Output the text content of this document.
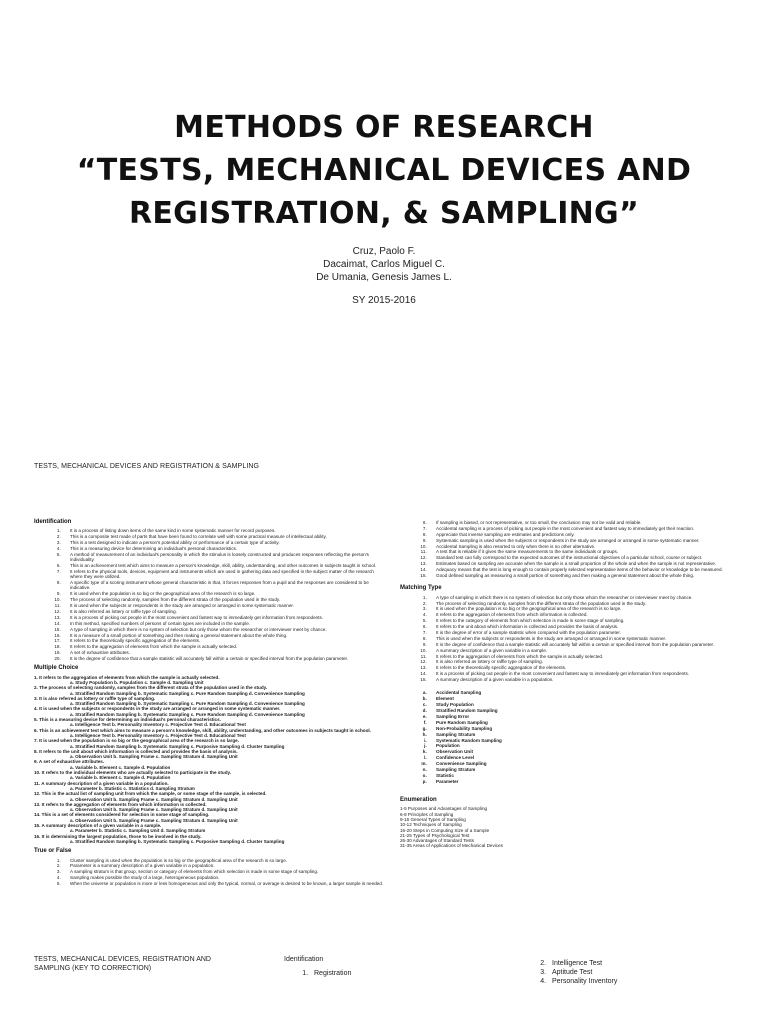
METHODS OF RESEARCH
“TESTS, MECHANICAL DEVICES AND
REGISTRATION, & SAMPLING”
Cruz, Paolo F.
Dacaimat, Carlos Miguel C.
De Umania, Genesis James L.
SY 2015-2016
TESTS, MECHANICAL DEVICES AND REGISTRATION & SAMPLING
Identification
1. It is a process of listing down items of the same kind in some systematic manner for record purposes.
2. This is a composite test made of parts that have been found to correlate well with some practical measure of intellectual ability.
3. This is a test designed to indicate a person's potential ability or performance of a certain type of activity.
4. This is a measuring device for determining an individual's personal characteristics.
5. A method of measurement of an individual's personality in which the stimulus is loosely constructed and produces responses reflecting the person's individuality.
6. This is an achievement test which aims to measure a person's knowledge, skill, ability, understanding, and other outcomes in subjects taught in school.
7. It refers to the physical tools, devices, equipment and instruments which are used in gathering data and specified in the subject matter of the research where they were utilized.
8. A specific type of a scoring instrument whose general characteristic is that, it forces responses from a pupil and the responses are considered to be indicative.
9. It is used when the population is so big or the geographical area of the research is so large.
10. The process of selecting randomly, samples from the different strata of the population used in the study.
11. It is used when the subjects or respondents in the study are arranged or arranged in some systematic manner.
12. It is also referred as lottery or raffle type of sampling.
13. It is a process of picking out people in the most convenient and fastest way to immediately get information from respondents.
14. In this method, specified numbers of persons of certain types are included in the sample.
15. A type of sampling in which there is no system of selection but only those whom the researcher or interviewer meet by chance.
16. It is a measure of a small portion of something and then making a general statement about the whole thing.
17. It refers to the theoretically specific aggregation of the elements.
18. It refers to the aggregation of elements from which the sample is actually selected.
19. A set of exhaustive attributes.
20. It is the degree of confidence that a sample statistic will accurately fall within a certain or specified interval from the population parameter.
Multiple Choice
1. It refers to the aggregation of elements from which the sample is actually selected.
a. Study Population b. Population c. Sample d. Sampling Unit
2. The process of selecting randomly, samples from the different strata of the population used in the study.
a. Stratified Random Sampling b. Systematic Sampling c. Pure Random Sampling d. Convenience Sampling
3. It is also referred as lottery or raffle type of sampling.
a. Stratified Random Sampling b. Systematic Sampling c. Pure Random Sampling d. Convenience Sampling
4. It is used when the subjects or respondents in the study are arranged or arranged in some systematic manner.
a. Stratified Random Sampling b. Systematic Sampling c. Pure Random Sampling d. Convenience Sampling
5. This is a measuring device for determining an individual's personal characteristics.
a. Intelligence Test b. Personality Inventory c. Projective Test d. Educational Test
6. This is an achievement test which aims to measure a person's knowledge, skill, ability, understanding, and other outcomes in subjects taught in school.
a. Intelligence Test b. Personality Inventory c. Projective Test d. Educational Test
7. It is used when the population is so big or the geographical area of the research is so large.
a. Stratified Random Sampling b. Systematic Sampling c. Purposive Sampling d. Cluster Sampling
8. It refers to the unit about which information is collected and provides the basis of analysis.
a. Observation Unit b. Sampling Frame c. Sampling Stratum d. Sampling Unit
9. A set of exhaustive attributes.
a. Variable b. Element c. Sample d. Population
10. It refers to the individual elements who are actually selected to participate in the study.
a. Variable b. Element c. Sample d. Population
11. A summary description of a given variable in a population.
a. Parameter b. Statistic c. Statistics d. Sampling Stratum
12. This is the actual list of sampling unit from which the sample, or some stage of the sample, is selected.
a. Observation Unit b. Sampling Frame c. Sampling Stratum d. Sampling Unit
13. It refers to the aggregation of elements from which information is collected.
a. Observation Unit b. Sampling Frame c. Sampling Stratum d. Sampling Unit
14. This is a set of elements considered for selection in some stage of sampling.
a. Observation Unit b. Sampling Frame c. Sampling Stratum d. Sampling Unit
15. A summary description of a given variable in a sample.
a. Parameter b. Statistic c. Sampling Unit d. Sampling Stratum
16. It is determining the largest population, those to be involved in the study.
a. Stratified Random Sampling b. Systematic Sampling c. Purposive Sampling d. Cluster Sampling
True or False
1. Cluster sampling is used when the population is so big or the geographical area of the research is so large.
2. Parameter is a summary description of a given variable in a population.
3. A sampling stratum is that group, section or category of elements from which selection is made in some stage of sampling.
4. Sampling makes possible the study of a large, heterogeneous population.
5. When the universe or population is more or less homogeneous and only the typical, normal, or average is desired to be known, a larger sample is needed.
6. If sampling is biased, or not representative, or too small, the conclusion may not be valid and reliable.
7. Accidental sampling is a process of picking out people in the most convenient and fastest way to immediately get their reaction.
8. Appreciate that inverse sampling are estimates and predictions only.
9. Systematic sampling is used when the subjects or respondents in the study are arranged or arranged in some systematic manner.
10. Accidental Sampling is also resorted to only when there is no other alternative.
11. A test that is reliable if it gives the same measurements to the same individuals or groups.
12. Standard test can fully correspond to the expected outcomes of the instructional objectives of a particular school, course or subject.
13. Estimates based on sampling are accurate when the sample is a small proportion of the whole and when the sample is not representative.
14. Adequacy means that the test is long enough to contain properly selected representative items of the behavior or knowledge to be measured.
15. Good defined sampling as measuring a small portion of something and then making a general statement about the whole thing.
Matching Type
1. A type of sampling in which there is no system of selection but only those whom the researcher or interviewer meet by chance.
2. The process of selecting randomly, samples from the different strata of the population used in the study.
3. It is used when the population is so big or the geographical area of the research is so large.
4. It refers to the aggregation of elements from which information is collected.
5. It refers to the category of elements from which selection is made in some stage of sampling.
6. It refers to the unit about which information is collected and provides the basis of analysis.
7. It is the degree of error of a sample statistic when compared with the population parameter.
8. This is used when the subjects or respondents in the study are arranged or arranged in some systematic manner.
9. It is the degree of confidence that a sample statistic will accurately fall within a certain or specified interval from the population parameter.
10. A summary description of a given variable in a sample.
11. It refers to the aggregation of elements from which the sample is actually selected.
12. It is also referred as lottery or raffle type of sampling.
13. It refers to the theoretically specific aggregation of the elements.
14. It is a process of picking out people in the most convenient and fastest way to immediately get information from respondents.
15. A summary description of a given variable in a population.
a. Accidental Sampling
b. Element
c. Study Population
d. Stratified Random Sampling
e. Sampling Error
f. Pure Random Sampling
g. Non-Probability Sampling
h. Sampling Stratum
i. Systematic Random Sampling
j. Population
k. Observation Unit
l. Confidence Level
m. Convenience Sampling
n. Sampling Stratum
o. Statistic
p. Parameter
Enumeration
1-5 Purposes and Advantages of Sampling
6-8 Principles of Sampling
9-16 General Types of Sampling
10-12 Techniques of Sampling
16-20 Steps in Computing Size of a Sample
21-25 Types of Psychological Test
26-30 Advantages of Standard Tests
31-35 Areas of Applications of Mechanical Devices
TESTS, MECHANICAL DEVICES, REGISTRATION AND
SAMPLING (KEY TO CORRECTION)
Identification
1. Registration
2. Intelligence Test
3. Aptitude Test
4. Personality Inventory
